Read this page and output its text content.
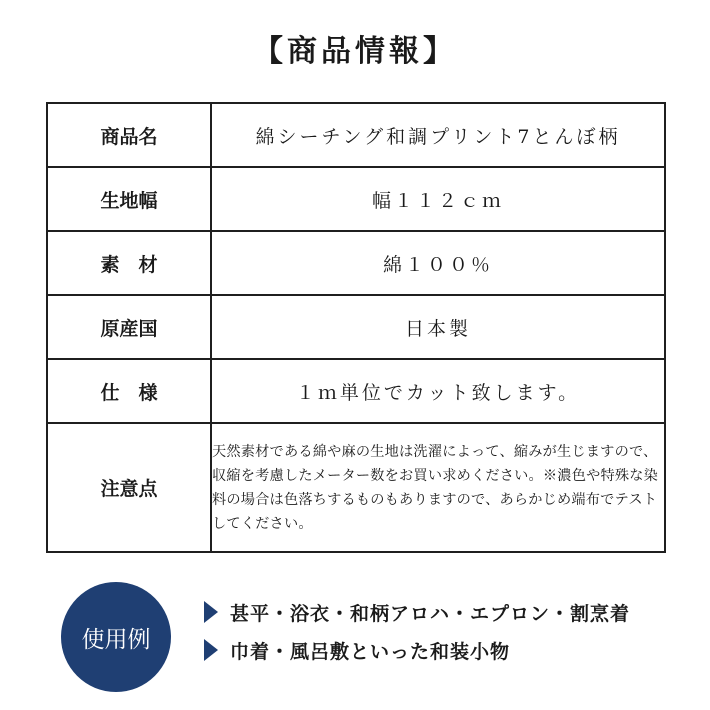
【商品情報】
商品名	綿シーチング和調プリント7とんぼ柄
生地幅	幅１１２ｃｍ
素　材	綿１００％
原産国	日本製
仕　様	１ｍ単位でカット致します。
注意点	天然素材である綿や麻の生地は洗濯によって、縮みが生じますので、収縮を考慮したメーター数をお買い求めください。※濃色や特殊な染料の場合は色落ちするものもありますので、あらかじめ端布でテストしてください。
使用例
甚平・浴衣・和柄アロハ・エプロン・割烹着
巾着・風呂敷といった和装小物
